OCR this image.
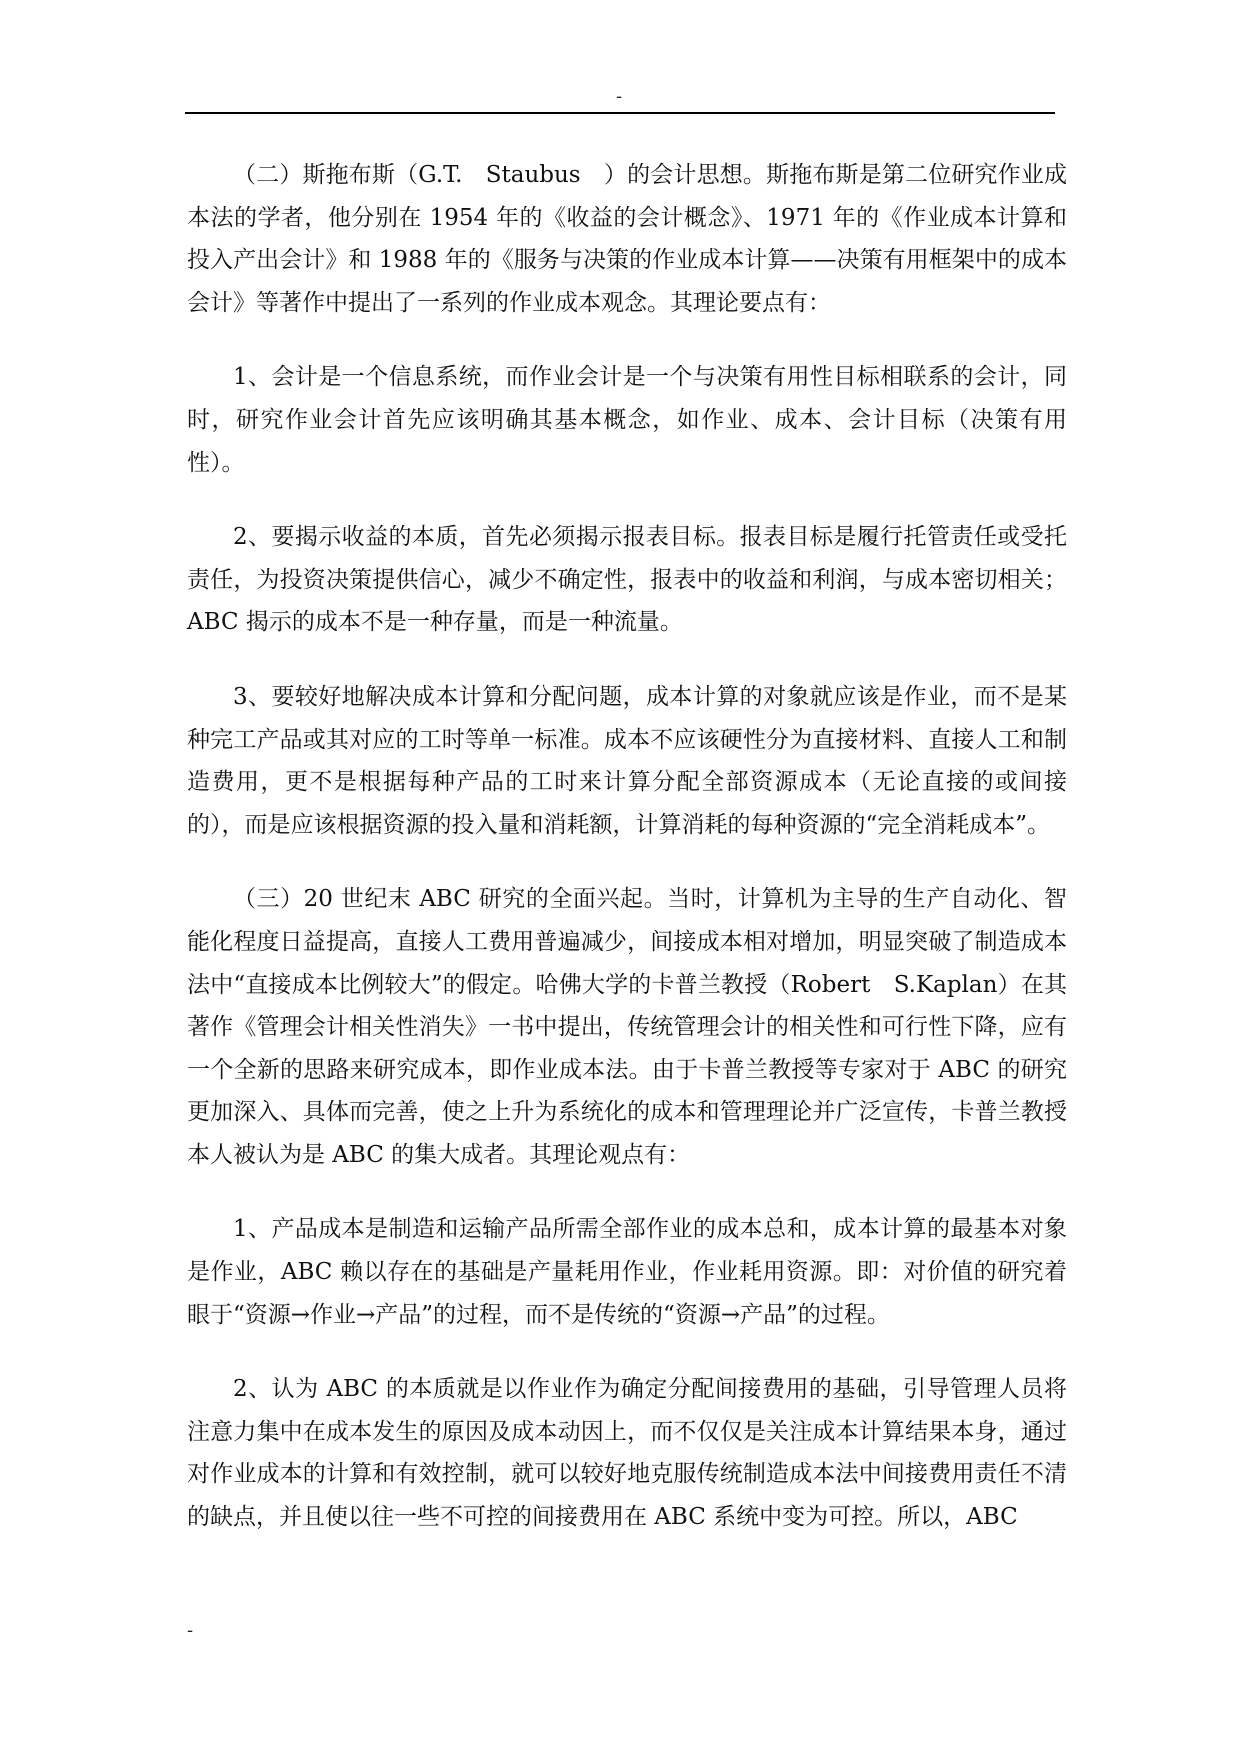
-

（二）斯拖布斯（G.T.　Staubus　）的会计思想。斯拖布斯是第二位研究作业成本法的学者，他分别在 1954 年的《收益的会计概念》、1971 年的《作业成本计算和投入产出会计》和 1988 年的《服务与决策的作业成本计算——决策有用框架中的成本会计》等著作中提出了一系列的作业成本观念。其理论要点有：

1、会计是一个信息系统，而作业会计是一个与决策有用性目标相联系的会计，同时，研究作业会计首先应该明确其基本概念，如作业、成本、会计目标（决策有用性）。

2、要揭示收益的本质，首先必须揭示报表目标。报表目标是履行托管责任或受托责任，为投资决策提供信心，减少不确定性，报表中的收益和利润，与成本密切相关；ABC 揭示的成本不是一种存量，而是一种流量。

3、要较好地解决成本计算和分配问题，成本计算的对象就应该是作业，而不是某种完工产品或其对应的工时等单一标准。成本不应该硬性分为直接材料、直接人工和制造费用，更不是根据每种产品的工时来计算分配全部资源成本（无论直接的或间接的），而是应该根据资源的投入量和消耗额，计算消耗的每种资源的“完全消耗成本”。

（三）20 世纪末 ABC 研究的全面兴起。当时，计算机为主导的生产自动化、智能化程度日益提高，直接人工费用普遍减少，间接成本相对增加，明显突破了制造成本法中“直接成本比例较大”的假定。哈佛大学的卡普兰教授（Robert　S.Kaplan）在其著作《管理会计相关性消失》一书中提出，传统管理会计的相关性和可行性下降，应有一个全新的思路来研究成本，即作业成本法。由于卡普兰教授等专家对于 ABC 的研究更加深入、具体而完善，使之上升为系统化的成本和管理理论并广泛宣传，卡普兰教授本人被认为是 ABC 的集大成者。其理论观点有：

1、产品成本是制造和运输产品所需全部作业的成本总和，成本计算的最基本对象是作业，ABC 赖以存在的基础是产量耗用作业，作业耗用资源。即：对价值的研究着眼于“资源→作业→产品”的过程，而不是传统的“资源→产品”的过程。

2、认为 ABC 的本质就是以作业作为确定分配间接费用的基础，引导管理人员将注意力集中在成本发生的原因及成本动因上，而不仅仅是关注成本计算结果本身，通过对作业成本的计算和有效控制，就可以较好地克服传统制造成本法中间接费用责任不清的缺点，并且使以往一些不可控的间接费用在 ABC 系统中变为可控。所以，ABC

-
